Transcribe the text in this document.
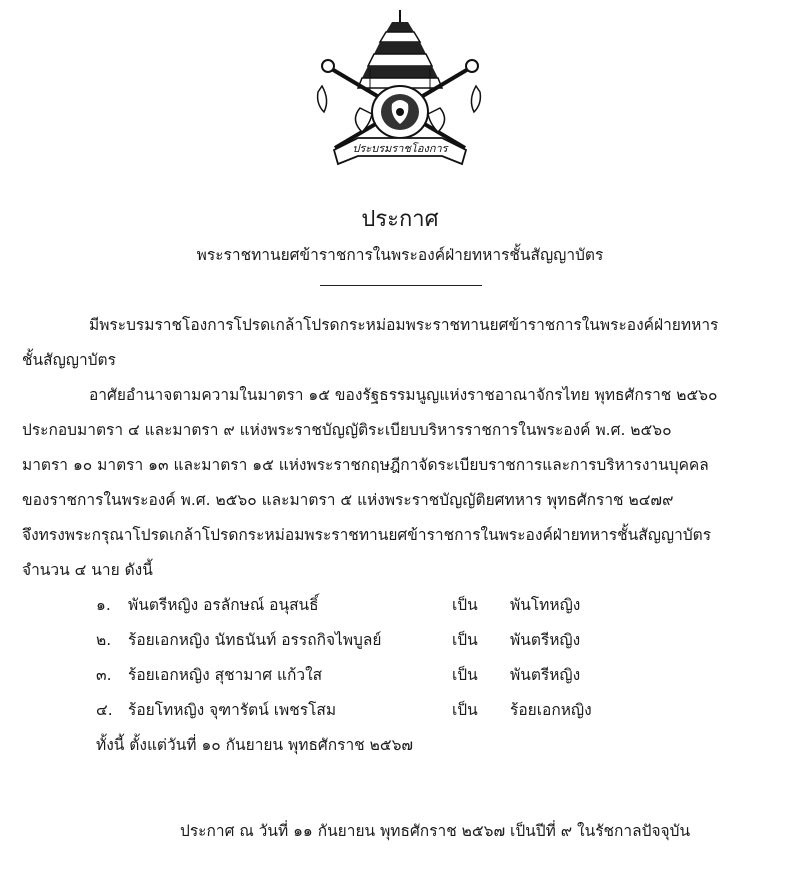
ประบรมราชโองการ
ประกาศ
พระราชทานยศข้าราชการในพระองค์ฝ่ายทหารชั้นสัญญาบัตร
มีพระบรมราชโองการโปรดเกล้าโปรดกระหม่อมพระราชทานยศข้าราชการในพระองค์ฝ่ายทหาร
ชั้นสัญญาบัตร
อาศัยอำนาจตามความในมาตรา ๑๕ ของรัฐธรรมนูญแห่งราชอาณาจักรไทย พุทธศักราช ๒๕๖๐
ประกอบมาตรา ๔ และมาตรา ๙ แห่งพระราชบัญญัติระเบียบบริหารราชการในพระองค์ พ.ศ. ๒๕๖๐
มาตรา ๑๐ มาตรา ๑๓ และมาตรา ๑๕ แห่งพระราชกฤษฎีกาจัดระเบียบราชการและการบริหารงานบุคคล
ของราชการในพระองค์ พ.ศ. ๒๕๖๐ และมาตรา ๕ แห่งพระราชบัญญัติยศทหาร พุทธศักราช ๒๔๗๙
จึงทรงพระกรุณาโปรดเกล้าโปรดกระหม่อมพระราชทานยศข้าราชการในพระองค์ฝ่ายทหารชั้นสัญญาบัตร
จำนวน ๔ นาย ดังนี้
๑. พันตรีหญิง อรลักษณ์ อนุสนธิ์	เป็น พันโทหญิง
๒. ร้อยเอกหญิง นัทธนันท์ อรรถกิจไพบูลย์	เป็น พันตรีหญิง
๓. ร้อยเอกหญิง สุชามาศ แก้วใส	เป็น พันตรีหญิง
๔. ร้อยโทหญิง จุฑารัตน์ เพชรโสม	เป็น ร้อยเอกหญิง
ทั้งนี้ ตั้งแต่วันที่ ๑๐ กันยายน พุทธศักราช ๒๕๖๗
ประกาศ ณ วันที่ ๑๑ กันยายน พุทธศักราช ๒๕๖๗ เป็นปีที่ ๙ ในรัชกาลปัจจุบัน
